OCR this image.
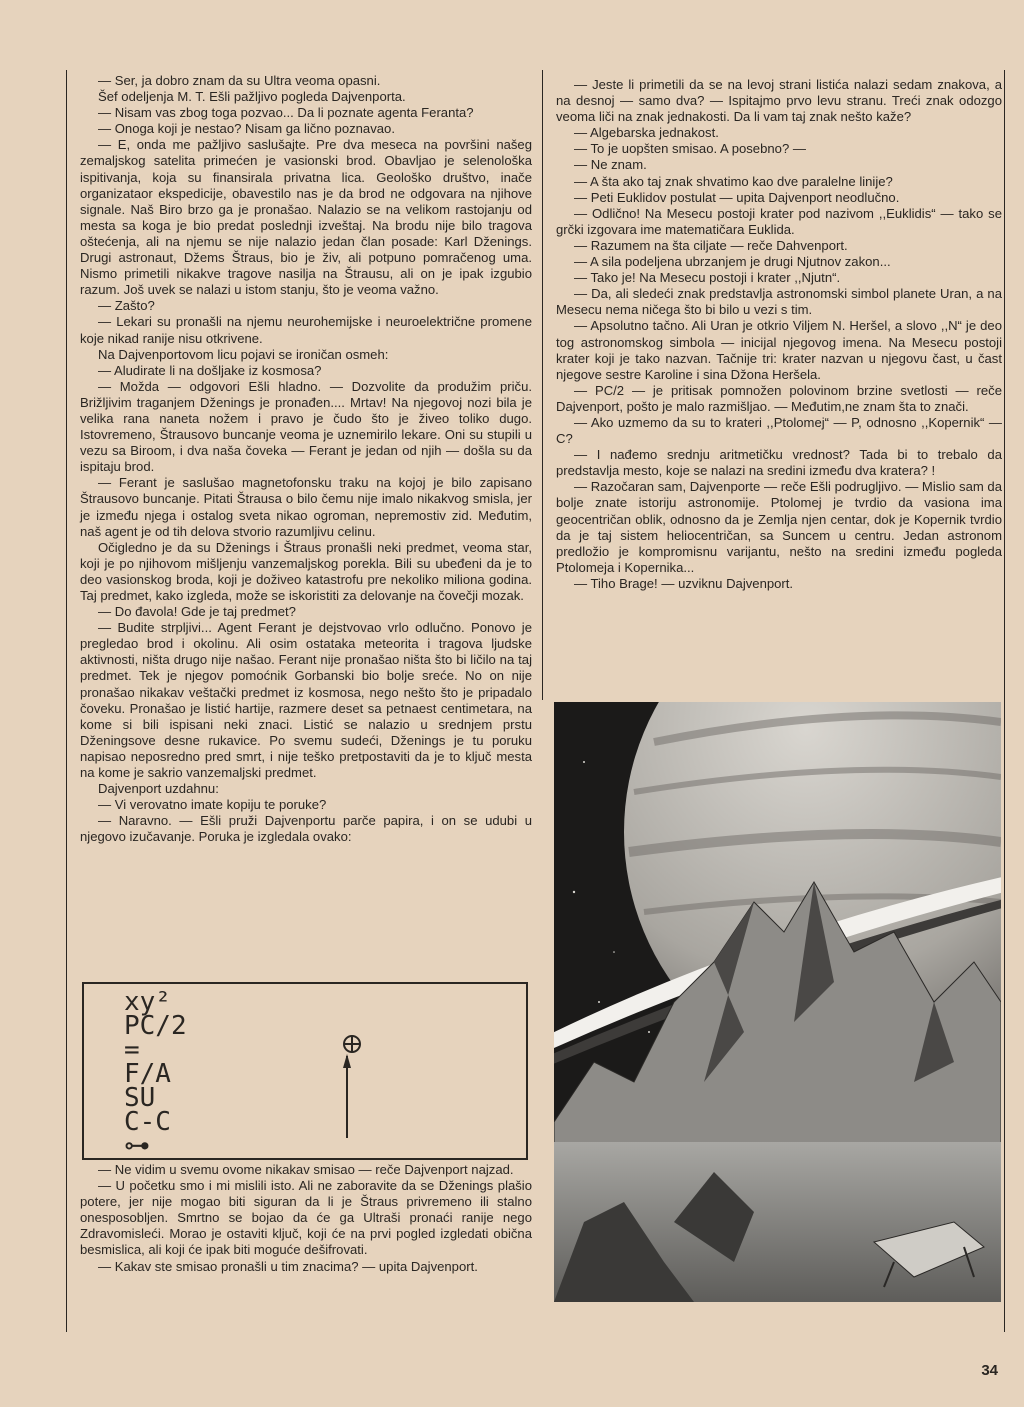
— Ser, ja dobro znam da su Ultra veoma opasni.

Šef odeljenja M. T. Ešli pažljivo pogleda Dajvenporta.

— Nisam vas zbog toga pozvao... Da li poznate agenta Feranta?

— Onoga koji je nestao? Nisam ga lično poznavao.

— E, onda me pažljivo saslušajte. Pre dva meseca na površini našeg zemaljskog satelita primećen je vasionski brod. Obavljao je selenološka ispitivanja, koja su finansirala privatna lica. Geološko društvo, inače organizataor ekspedicije, obavestilo nas je da brod ne odgovara na njihove signale. Naš Biro brzo ga je pronašao. Nalazio se na velikom rastojanju od mesta sa koga je bio predat poslednji izveštaj. Na brodu nije bilo tragova oštećenja, ali na njemu se nije nalazio jedan član posade: Karl Dženings. Drugi astronaut, Džems Štraus, bio je živ, ali potpuno pomračenog uma. Nismo primetili nikakve tragove nasilja na Štrausu, ali on je ipak izgubio razum. Još uvek se nalazi u istom stanju, što je veoma važno.

— Zašto?

— Lekari su pronašli na njemu neurohemijske i neuroelektrične promene koje nikad ranije nisu otkrivene.

Na Dajvenportovom licu pojavi se ironičan osmeh:

— Aludirate li na došljake iz kosmosa?

— Možda — odgovori Ešli hladno. — Dozvolite da produžim priču. Brižljivim traganjem Dženings je pronađen.... Mrtav! Na njegovoj nozi bila je velika rana naneta nožem i pravo je čudo što je živeo toliko dugo. Istovremeno, Štrausovo buncanje veoma je uznemirilo lekare. Oni su stupili u vezu sa Biroom, i dva naša čoveka — Ferant je jedan od njih — došla su da ispitaju brod.

— Ferant je saslušao magnetofonsku traku na kojoj je bilo zapisano Štrausovo buncanje. Pitati Štrausa o bilo čemu nije imalo nikakvog smisla, jer je između njega i ostalog sveta nikao ogroman, nepremostiv zid. Međutim, naš agent je od tih delova stvorio razumljivu celinu.

Očigledno je da su Dženings i Štraus pronašli neki predmet, veoma star, koji je po njihovom mišljenju vanzemaljskog porekla. Bili su ubeđeni da je to deo vasionskog broda, koji je doživeo katastrofu pre nekoliko miliona godina. Taj predmet, kako izgleda, može se iskoristiti za delovanje na čovečji mozak.

— Do đavola! Gde je taj predmet?

— Budite strpljivi... Agent Ferant je dejstvovao vrlo odlučno. Ponovo je pregledao brod i okolinu. Ali osim ostataka meteorita i tragova ljudske aktivnosti, ništa drugo nije našao. Ferant nije pronašao ništa što bi ličilo na taj predmet. Tek je njegov pomoćnik Gorbanski bio bolje sreće. No on nije pronašao nikakav veštački predmet iz kosmosa, nego nešto što je pripadalo čoveku. Pronašao je listić hartije, razmere deset sa petnaest centimetara, na kome si bili ispisani neki znaci. Listić se nalazio u srednjem prstu Dženingsove desne rukavice. Po svemu sudeći, Dženings je tu poruku napisao neposredno pred smrt, i nije teško pretpostaviti da je to ključ mesta na kome je sakrio vanzemaljski predmet.

Dajvenport uzdahnu:

— Vi verovatno imate kopiju te poruke?

— Naravno. — Ešli pruži Dajvenportu parče papira, i on se udubi u njegovo izučavanje. Poruka je izgledala ovako:

xy²
PC/2
=
F/A
SU
C-C
⊶

— Ne vidim u svemu ovome nikakav smisao — reče Dajvenport najzad.

— U početku smo i mi mislili isto. Ali ne zaboravite da se Dženings plašio potere, jer nije mogao biti siguran da li je Štraus privremeno ili stalno onesposobljen. Smrtno se bojao da će ga Ultraši pronaći ranije nego Zdravomisleći. Morao je ostaviti ključ, koji će na prvi pogled izgledati obična besmislica, ali koji će ipak biti moguće dešifrovati.

— Kakav ste smisao pronašli u tim znacima? — upita Dajvenport.

— Jeste li primetili da se na levoj strani listića nalazi sedam znakova, a na desnoj — samo dva? — Ispitajmo prvo levu stranu. Treći znak odozgo veoma liči na znak jednakosti. Da li vam taj znak nešto kaže?

— Algebarska jednakost.

— To je uopšten smisao. A posebno? —

— Ne znam.

— A šta ako taj znak shvatimo kao dve paralelne linije?

— Peti Euklidov postulat — upita Dajvenport neodlučno.

— Odlično! Na Mesecu postoji krater pod nazivom ,,Euklidis“ — tako se grčki izgovara ime matematičara Euklida.

— Razumem na šta ciljate — reče Dahvenport.

— A sila podeljena ubrzanjem je drugi Njutnov zakon...

— Tako je! Na Mesecu postoji i krater ,,Njutn“.

— Da, ali sledeći znak predstavlja astronomski simbol planete Uran, a na Mesecu nema ničega što bi bilo u vezi s tim.

— Apsolutno tačno. Ali Uran je otkrio Viljem N. Heršel, a slovo ,,N“ je deo tog astronomskog simbola — inicijal njegovog imena. Na Mesecu postoji krater koji je tako nazvan. Tačnije tri: krater nazvan u njegovu čast, u čast njegove sestre Karoline i sina Džona Heršela.

— PC/2 — je pritisak pomnožen polovinom brzine svetlosti — reče Dajvenport, pošto je malo razmišljao. — Međutim,ne znam šta to znači.

— Ako uzmemo da su to krateri ,,Ptolomej“ — P, odnosno ,,Kopernik“ —C?

— I nađemo srednju aritmetičku vrednost? Tada bi to trebalo da predstavlja mesto, koje se nalazi na sredini između dva kratera? !

— Razočaran sam, Dajvenporte — reče Ešli podrugljivo. — Mislio sam da bolje znate istoriju astronomije. Ptolomej je tvrdio da vasiona ima geocentričan oblik, odnosno da je Zemlja njen centar, dok je Kopernik tvrdio da je taj sistem heliocentričan, sa Suncem u centru. Jedan astronom predložio je kompromisnu varijantu, nešto na sredini između pogleda Ptolomeja i Kopernika...

— Tiho Brage! — uzviknu Dajvenport.

34
